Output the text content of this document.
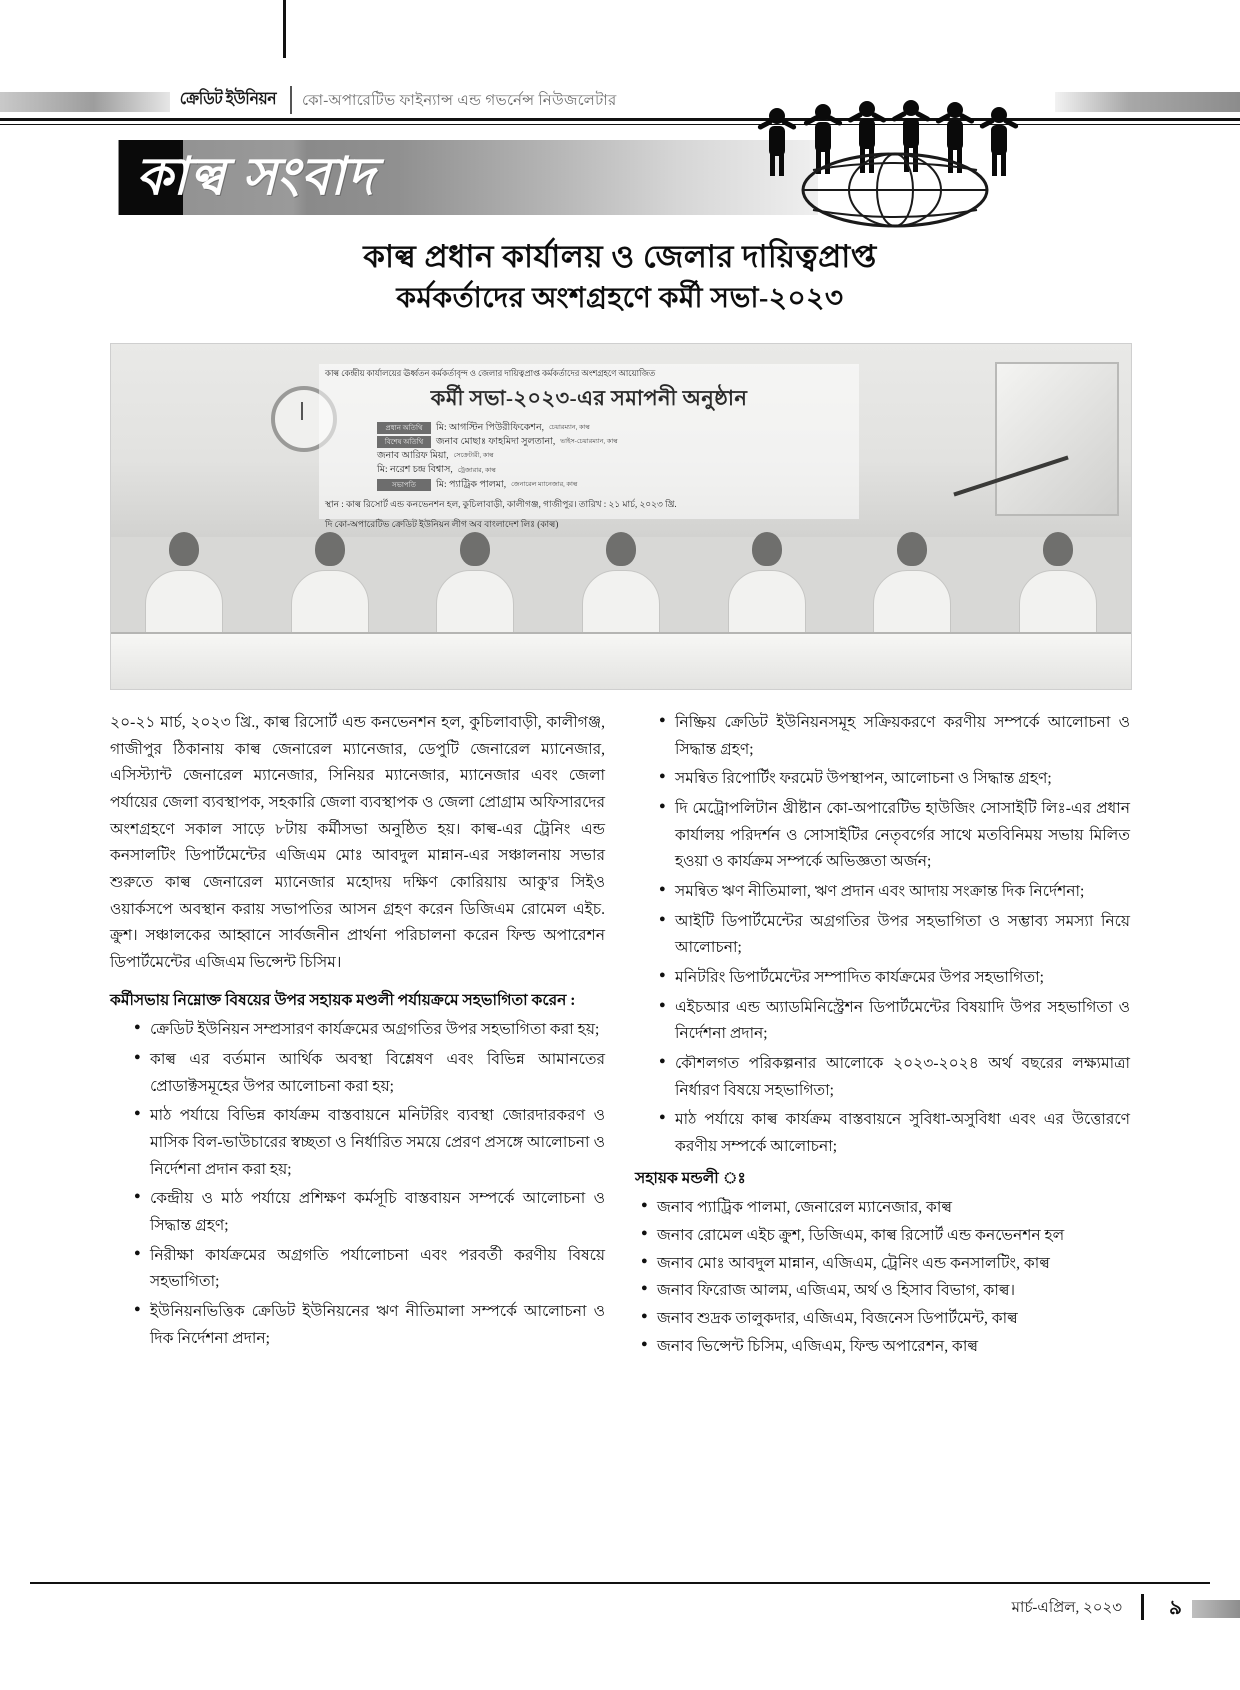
ক্রেডিট ইউনিয়ন কো-অপারেটিভ ফাইন্যান্স এন্ড গভর্নেন্স নিউজলেটার
কাল্ব সংবাদ
কাল্ব প্রধান কার্যালয় ও জেলার দায়িত্বপ্রাপ্ত
কর্মকর্তাদের অংশগ্রহণে কর্মী সভা-২০২৩
কাল্ব কেন্দ্রীয় কার্যালয়ের ঊর্ধ্বতন কর্মকর্তাবৃন্দ ও জেলার দায়িত্বপ্রাপ্ত কর্মকর্তাদের অংশগ্রহণে আয়োজিত
কর্মী সভা-২০২৩-এর সমাপনী অনুষ্ঠান
প্রধান অতিথি	মি: আগস্টিন পিউরীফিকেশন, চেয়ারম্যান, কাল্ব
বিশেষ অতিথি	জনাব মোছাঃ ফাহমিদা সুলতানা, ভাইস-চেয়ারম্যান, কাল্ব
জনাব আরিফ মিয়া, সেক্রেটারী, কাল্ব
মি: নরেশ চন্দ্র বিশ্বাস, ট্রেজারার, কাল্ব
সভাপতি	মি: প্যাট্রিক পালমা, জেনারেল ম্যানেজার, কাল্ব
স্থান : কাল্ব রিসোর্ট এন্ড কনভেনশন হল, কুচিলাবাড়ী, কালীগঞ্জ, গাজীপুর। তারিখ : ২১ মার্চ, ২০২৩ খ্রি.
দি কো-অপারেটিভ ক্রেডিট ইউনিয়ন লীগ অব বাংলাদেশ লিঃ (কাল্ব)

২০-২১ মার্চ, ২০২৩ খ্রি., কাল্ব রিসোর্ট এন্ড কনভেনশন হল, কুচিলাবাড়ী, কালীগঞ্জ, গাজীপুর ঠিকানায় কাল্ব জেনারেল ম্যানেজার, ডেপুটি জেনারেল ম্যানেজার, এসিস্ট্যান্ট জেনারেল ম্যানেজার, সিনিয়র ম্যানেজার, ম্যানেজার এবং জেলা পর্যায়ের জেলা ব্যবস্থাপক, সহকারি জেলা ব্যবস্থাপক ও জেলা প্রোগ্রাম অফিসারদের অংশগ্রহণে সকাল সাড়ে ৮টায় কর্মীসভা অনুষ্ঠিত হয়। কাল্ব-এর ট্রেনিং এন্ড কনসালটিং ডিপার্টমেন্টের এজিএম মোঃ আবদুল মান্নান-এর সঞ্চালনায় সভার শুরুতে কাল্ব জেনারেল ম্যানেজার মহোদয় দক্ষিণ কোরিয়ায় আকু'র সিইও ওয়ার্কসপে অবস্থান করায় সভাপতির আসন গ্রহণ করেন ডিজিএম রোমেল এইচ. ক্রুশ। সঞ্চালকের আহ্বানে সার্বজনীন প্রার্থনা পরিচালনা করেন ফিল্ড অপারেশন ডিপার্টমেন্টের এজিএম ভিন্সেন্ট চিসিম।

কর্মীসভায় নিম্নোক্ত বিষয়ের উপর সহায়ক মণ্ডলী পর্যায়ক্রমে সহভাগিতা করেন :
● ক্রেডিট ইউনিয়ন সম্প্রসারণ কার্যক্রমের অগ্রগতির উপর সহভাগিতা করা হয়;
● কাল্ব এর বর্তমান আর্থিক অবস্থা বিশ্লেষণ এবং বিভিন্ন আমানতের প্রোডাক্টসমূহের উপর আলোচনা করা হয়;
● মাঠ পর্যায়ে বিভিন্ন কার্যক্রম বাস্তবায়নে মনিটরিং ব্যবস্থা জোরদারকরণ ও মাসিক বিল-ভাউচারের স্বচ্ছতা ও নির্ধারিত সময়ে প্রেরণ প্রসঙ্গে আলোচনা ও নির্দেশনা প্রদান করা হয়;
● কেন্দ্রীয় ও মাঠ পর্যায়ে প্রশিক্ষণ কর্মসূচি বাস্তবায়ন সম্পর্কে আলোচনা ও সিদ্ধান্ত গ্রহণ;
● নিরীক্ষা কার্যক্রমের অগ্রগতি পর্যালোচনা এবং পরবর্তী করণীয় বিষয়ে সহভাগিতা;
● ইউনিয়নভিত্তিক ক্রেডিট ইউনিয়নের ঋণ নীতিমালা সম্পর্কে আলোচনা ও দিক নির্দেশনা প্রদান;
● নিষ্ক্রিয় ক্রেডিট ইউনিয়নসমূহ সক্রিয়করণে করণীয় সম্পর্কে আলোচনা ও সিদ্ধান্ত গ্রহণ;
● সমন্বিত রিপোর্টিং ফরমেট উপস্থাপন, আলোচনা ও সিদ্ধান্ত গ্রহণ;
● দি মেট্রোপলিটান খ্রীষ্টান কো-অপারেটিভ হাউজিং সোসাইটি লিঃ-এর প্রধান কার্যালয় পরিদর্শন ও সোসাইটির নেতৃবর্গের সাথে মতবিনিময় সভায় মিলিত হওয়া ও কার্যক্রম সম্পর্কে অভিজ্ঞতা অর্জন;
● সমন্বিত ঋণ নীতিমালা, ঋণ প্রদান এবং আদায় সংক্রান্ত দিক নির্দেশনা;
● আইটি ডিপার্টমেন্টের অগ্রগতির উপর সহভাগিতা ও সম্ভাব্য সমস্যা নিয়ে আলোচনা;
● মনিটরিং ডিপার্টমেন্টের সম্পাদিত কার্যক্রমের উপর সহভাগিতা;
● এইচআর এন্ড অ্যাডমিনিস্ট্রেশন ডিপার্টমেন্টের বিষয়াদি উপর সহভাগিতা ও নির্দেশনা প্রদান;
● কৌশলগত পরিকল্পনার আলোকে ২০২৩-২০২৪ অর্থ বছরের লক্ষ্যমাত্রা নির্ধারণ বিষয়ে সহভাগিতা;
● মাঠ পর্যায়ে কাল্ব কার্যক্রম বাস্তবায়নে সুবিধা-অসুবিধা এবং এর উত্তোরণে করণীয় সম্পর্কে আলোচনা;
সহায়ক মন্ডলী ঃ
● জনাব প্যাট্রিক পালমা, জেনারেল ম্যানেজার, কাল্ব
● জনাব রোমেল এইচ ক্রুশ, ডিজিএম, কাল্ব রিসোর্ট এন্ড কনভেনশন হল
● জনাব মোঃ আবদুল মান্নান, এজিএম, ট্রেনিং এন্ড কনসালটিং, কাল্ব
● জনাব ফিরোজ আলম, এজিএম, অর্থ ও হিসাব বিভাগ, কাল্ব।
● জনাব শুদ্রক তালুকদার, এজিএম, বিজনেস ডিপার্টমেন্ট, কাল্ব
● জনাব ভিন্সেন্ট চিসিম, এজিএম, ফিল্ড অপারেশন, কাল্ব
মার্চ-এপ্রিল, ২০২৩ ৯
